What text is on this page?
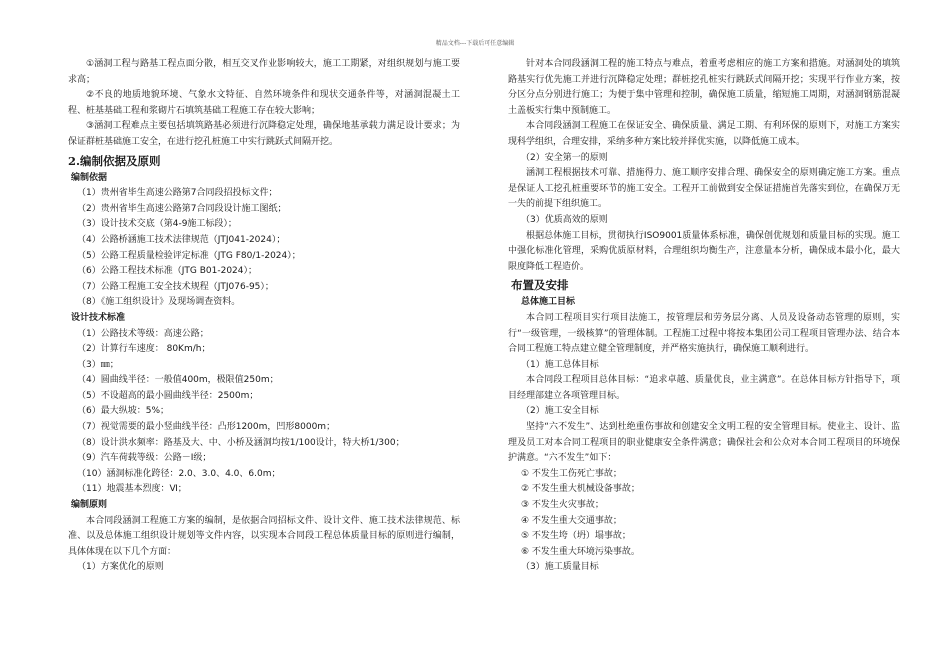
精品文档---下载后可任意编辑

①涵洞工程与路基工程点面分散，相互交叉作业影响较大，施工工期紧，对组织规划与施工要求高；

②不良的地质地貌环境、气象水文特征、自然环境条件和现状交通条件等，对涵洞混凝土工程、桩基基础工程和浆砌片石填筑基础工程施工存在较大影响；

③涵洞工程难点主要包括填筑路基必须进行沉降稳定处理，确保地基承载力满足设计要求；为保证群桩基础施工安全，在进行挖孔桩施工中实行跳跃式间隔开挖。

2.编制依据及原则

编制依据

（1）贵州省毕生高速公路第7合同段招投标文件；

（2）贵州省毕生高速公路第7合同段设计施工图纸；

（3）设计技术交底（第4-9施工标段）；

（4）公路桥涵施工技术法律规范（JTJ041-2024）；

（5）公路工程质量检验评定标准（JTG F80/1-2024）；

（6）公路工程技术标准（JTG B01-2024）；

（7）公路工程施工安全技术规程（JTJ076-95）；

（8）《施工组织设计》及现场调查资料。

设计技术标准

（1）公路技术等级：高速公路；

（2）计算行车速度： 80Km/h；

（3）㎜；

（4）圆曲线半径：一般值400m，极限值250m；

（5）不设超高的最小圆曲线半径：2500m；

（6）最大纵坡：5%；

（7）视觉需要的最小竖曲线半径：凸形1200m，凹形8000m；

（8）设计洪水频率：路基及大、中、小桥及涵洞均按1/100设计，特大桥1/300；

（9）汽车荷载等级：公路－Ⅰ级；

（10）涵洞标准化跨径：2.0、3.0、4.0、6.0m；

（11）地震基本烈度：Ⅵ；

编制原则

本合同段涵洞工程施工方案的编制，是依据合同招标文件、设计文件、施工技术法律规范、标准、以及总体施工组织设计规划等文件内容，以实现本合同段工程总体质量目标的原则进行编制，具体体现在以下几个方面：

（1）方案优化的原则

针对本合同段涵洞工程的施工特点与难点，着重考虑相应的施工方案和措施。对涵洞处的填筑路基实行优先施工并进行沉降稳定处理；群桩挖孔桩实行跳跃式间隔开挖；实现平行作业方案，按分区分点分别进行施工；为便于集中管理和控制，确保施工质量，缩短施工周期，对涵洞钢筋混凝土盖板实行集中预制施工。

本合同段涵洞工程施工在保证安全、确保质量、满足工期、有利环保的原则下，对施工方案实现科学组织，合理安排，采纳多种方案比较并择优实施，以降低施工成本。

（2）安全第一的原则

涵洞工程根据技术可靠、措施得力、施工顺序安排合理、确保安全的原则确定施工方案。重点是保证人工挖孔桩重要环节的施工安全。工程开工前做到安全保证措施首先落实到位，在确保万无一失的前提下组织施工。

（3）优质高效的原则

根据总体施工目标，贯彻执行ISO9001质量体系标准，确保创优规划和质量目标的实现。施工中强化标准化管理，采购优质原材料，合理组织均衡生产，注意量本分析，确保成本最小化，最大限度降低工程造价。

布置及安排

总体施工目标

本合同工程项目实行项目法施工，按管理层和劳务层分离、人员及设备动态管理的原则，实行“一级管理，一级核算”的管理体制。工程施工过程中将按本集团公司工程项目管理办法、结合本合同工程施工特点建立健全管理制度，并严格实施执行，确保施工顺利进行。

（1）施工总体目标

本合同段工程项目总体目标：“追求卓越、质量优良，业主满意”。在总体目标方针指导下，项目经理部建立各项管理目标。

（2）施工安全目标

坚持“六不发生”、达到杜绝重伤事故和创建安全文明工程的安全管理目标。使业主、设计、监理及员工对本合同工程项目的职业健康安全条件满意；确保社会和公众对本合同工程项目的环境保护满意。“六不发生”如下：

① 不发生工伤死亡事故；

② 不发生重大机械设备事故；

③ 不发生火灾事故；

④ 不发生重大交通事故；

⑤ 不发生垮（坍）塌事故；

⑥ 不发生重大环境污染事故。

（3）施工质量目标
